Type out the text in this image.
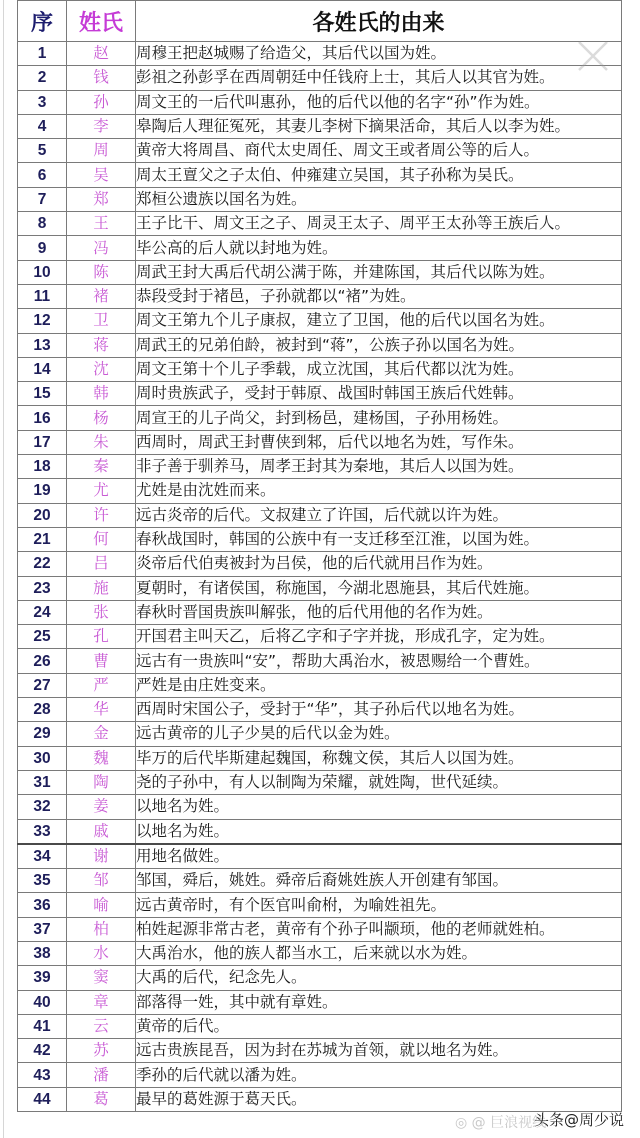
序	姓氏	各姓氏的由来
1	赵	周穆王把赵城赐了给造父，其后代以国为姓。
2	钱	彭祖之孙彭孚在西周朝廷中任钱府上士，其后人以其官为姓。
3	孙	周文王的一后代叫惠孙，他的后代以他的名字“孙”作为姓。
4	李	皋陶后人理征冤死，其妻儿李树下摘果活命，其后人以李为姓。
5	周	黄帝大将周昌、商代太史周任、周文王或者周公等的后人。
6	吴	周太王亶父之子太伯、仲雍建立吴国，其子孙称为吴氏。
7	郑	郑桓公遗族以国名为姓。
8	王	王子比干、周文王之子、周灵王太子、周平王太孙等王族后人。
9	冯	毕公高的后人就以封地为姓。
10	陈	周武王封大禹后代胡公满于陈，并建陈国，其后代以陈为姓。
11	褚	恭段受封于褚邑，子孙就都以“褚”为姓。
12	卫	周文王第九个儿子康叔，建立了卫国，他的后代以国名为姓。
13	蒋	周武王的兄弟伯龄，被封到“蒋”，公族子孙以国名为姓。
14	沈	周文王第十个儿子季载，成立沈国，其后代都以沈为姓。
15	韩	周时贵族武子，受封于韩原、战国时韩国王族后代姓韩。
16	杨	周宣王的儿子尚父，封到杨邑，建杨国，子孙用杨姓。
17	朱	西周时，周武王封曹侠到邾，后代以地名为姓，写作朱。
18	秦	非子善于驯养马，周孝王封其为秦地，其后人以国为姓。
19	尤	尤姓是由沈姓而来。
20	许	远古炎帝的后代。文叔建立了许国，后代就以许为姓。
21	何	春秋战国时，韩国的公族中有一支迁移至江淮，以国为姓。
22	吕	炎帝后代伯夷被封为吕侯，他的后代就用吕作为姓。
23	施	夏朝时，有诸侯国，称施国，今湖北恩施县，其后代姓施。
24	张	春秋时晋国贵族叫解张，他的后代用他的名作为姓。
25	孔	开国君主叫天乙，后将乙字和子字并拢，形成孔字，定为姓。
26	曹	远古有一贵族叫“安”，帮助大禹治水，被恩赐给一个曹姓。
27	严	严姓是由庄姓变来。
28	华	西周时宋国公子，受封于“华”，其子孙后代以地名为姓。
29	金	远古黄帝的儿子少昊的后代以金为姓。
30	魏	毕万的后代毕斯建起魏国，称魏文侯，其后人以国为姓。
31	陶	尧的子孙中，有人以制陶为荣耀，就姓陶，世代延续。
32	姜	以地名为姓。
33	戚	以地名为姓。
34	谢	用地名做姓。
35	邹	邹国，舜后，姚姓。舜帝后裔姚姓族人开创建有邹国。
36	喻	远古黄帝时，有个医官叫俞柎，为喻姓祖先。
37	柏	柏姓起源非常古老，黄帝有个孙子叫颛顼，他的老师就姓柏。
38	水	大禹治水，他的族人都当水工，后来就以水为姓。
39	窦	大禹的后代，纪念先人。
40	章	部落得一姓，其中就有章姓。
41	云	黄帝的后代。
42	苏	远古贵族昆吾，因为封在苏城为首领，就以地名为姓。
43	潘	季孙的后代就以潘为姓。
44	葛	最早的葛姓源于葛天氏。
◎ @ 巨浪视线
头条@周少说
